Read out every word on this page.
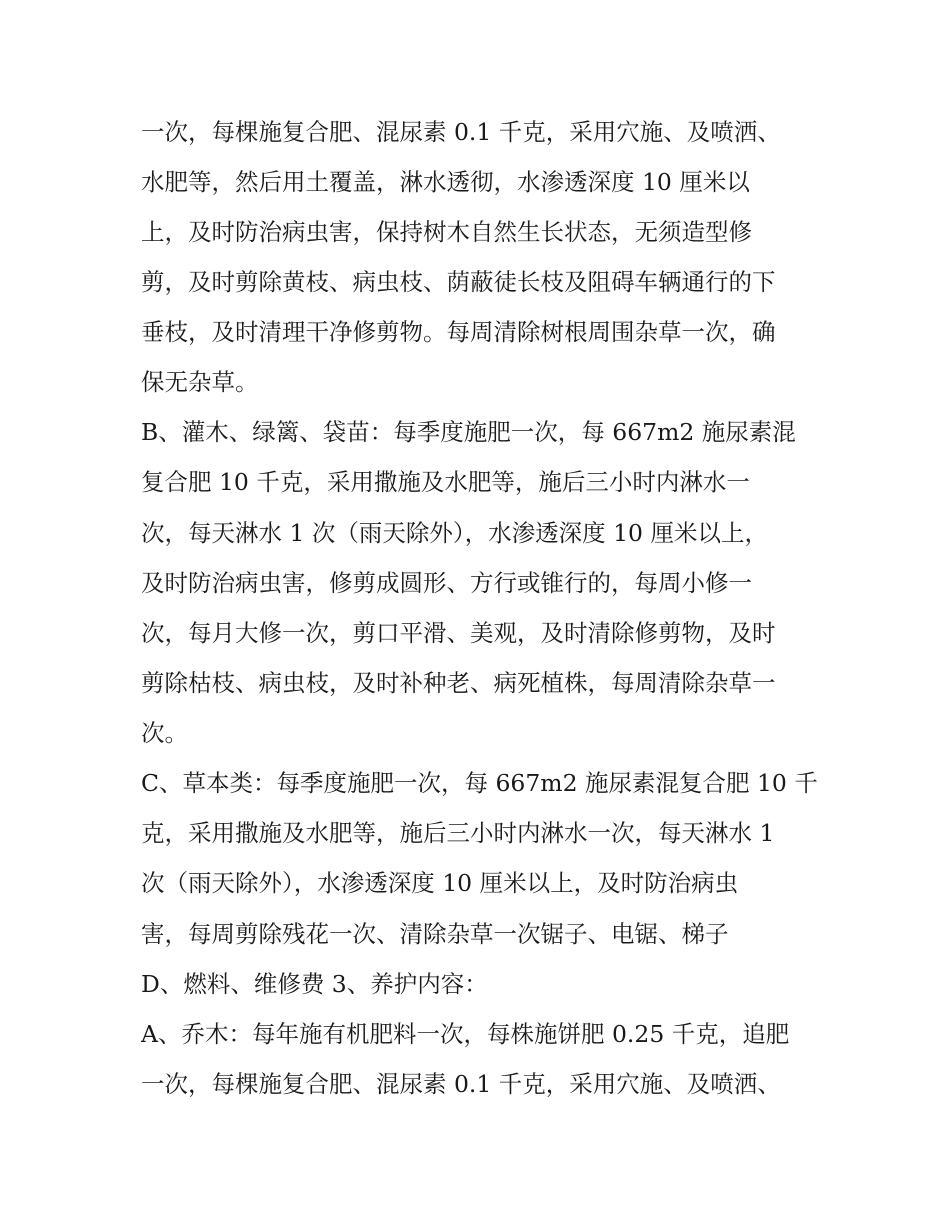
一次，每棵施复合肥、混尿素 0.1 千克，采用穴施、及喷洒、

水肥等，然后用土覆盖，淋水透彻，水渗透深度 10 厘米以

上，及时防治病虫害，保持树木自然生长状态，无须造型修

剪，及时剪除黄枝、病虫枝、荫蔽徒长枝及阻碍车辆通行的下

垂枝，及时清理干净修剪物。每周清除树根周围杂草一次，确

保无杂草。

B、灌木、绿篱、袋苗：每季度施肥一次，每 667m2 施尿素混

复合肥 10 千克，采用撒施及水肥等，施后三小时内淋水一

次，每天淋水 1 次（雨天除外），水渗透深度 10 厘米以上，

及时防治病虫害，修剪成圆形、方行或锥行的，每周小修一

次，每月大修一次，剪口平滑、美观，及时清除修剪物，及时

剪除枯枝、病虫枝，及时补种老、病死植株，每周清除杂草一

次。

C、草本类：每季度施肥一次，每 667m2 施尿素混复合肥 10 千

克，采用撒施及水肥等，施后三小时内淋水一次，每天淋水 1

次（雨天除外），水渗透深度 10 厘米以上，及时防治病虫

害，每周剪除残花一次、清除杂草一次锯子、电锯、梯子

D、燃料、维修费 3、养护内容：

A、乔木：每年施有机肥料一次，每株施饼肥 0.25 千克，追肥

一次，每棵施复合肥、混尿素 0.1 千克，采用穴施、及喷洒、
